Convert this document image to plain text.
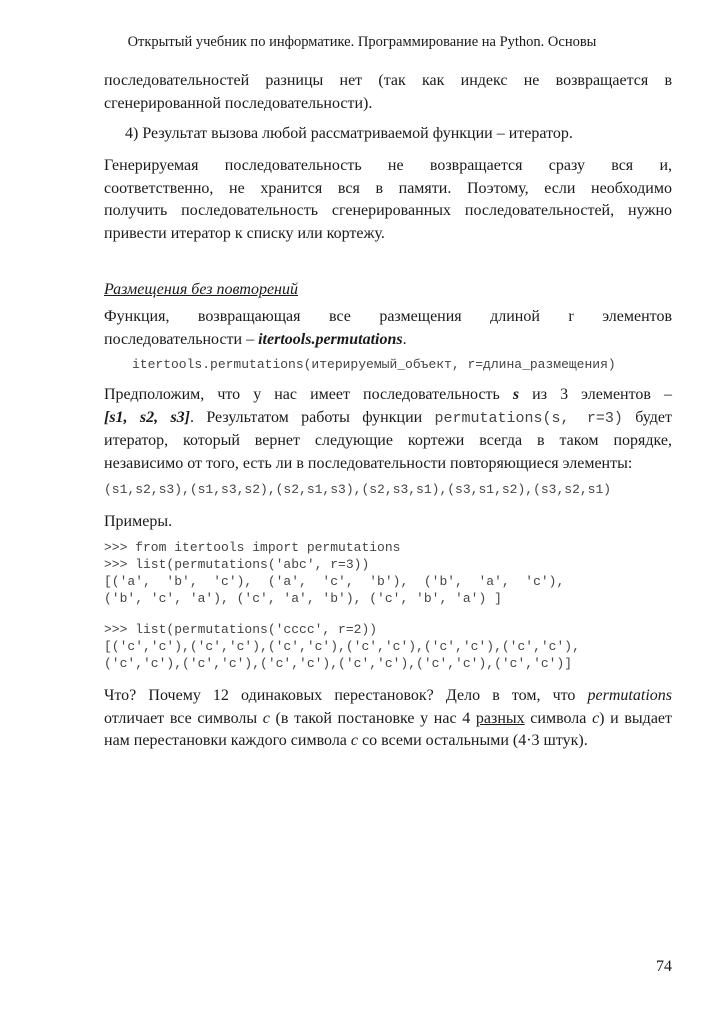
Открытый учебник по информатике. Программирование на Python. Основы
последовательностей разницы нет (так как индекс не возвращается в
сгенерированной последовательности).
4) Результат вызова любой рассматриваемой функции – итератор.
Генерируемая последовательность не возвращается сразу вся и,
соответственно, не хранится вся в памяти. Поэтому, если необходимо
получить последовательность сгенерированных последовательностей, нужно
привести итератор к списку или кортежу.
Размещения без повторений
Функция, возвращающая все размещения длиной r элементов
последовательности – itertools.permutations.
itertools.permutations(итерируемый_объект, r=длина_размещения)
Предположим, что у нас имеет последовательность s из 3 элементов –
[s1, s2, s3]. Результатом работы функции permutations(s, r=3) будет
итератор, который вернет следующие кортежи всегда в таком порядке,
независимо от того, есть ли в последовательности повторяющиеся элементы:
(s1,s2,s3),(s1,s3,s2),(s2,s1,s3),(s2,s3,s1),(s3,s1,s2),(s3,s2,s1)
Примеры.
>>> from itertools import permutations
>>> list(permutations('abc', r=3))
[('a',  'b',  'c'),  ('a',  'c',  'b'),  ('b',  'a',  'c'),
('b', 'c', 'a'), ('c', 'a', 'b'), ('c', 'b', 'a') ]
>>> list(permutations('cccc', r=2))
[('c','c'),('c','c'),('c','c'),('c','c'),('c','c'),('c','c'),
('c','c'),('c','c'),('c','c'),('c','c'),('c','c'),('c','c')]
Что? Почему 12 одинаковых перестановок? Дело в том, что permutations
отличает все символы c (в такой постановке у нас 4 разных символа c) и выдает
нам перестановки каждого символа c со всеми остальными (4·3 штук).
74
